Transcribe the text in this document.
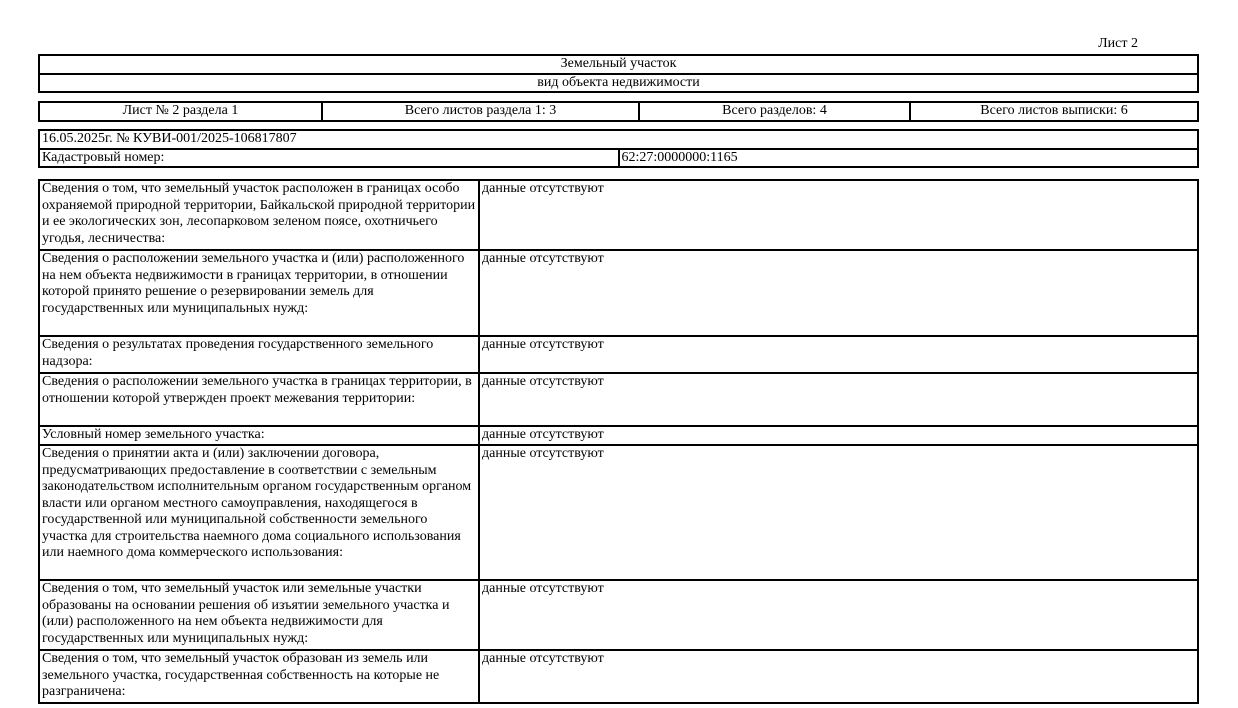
Лист 2
Земельный участок
вид объекта недвижимости
Лист № 2 раздела 1	Всего листов раздела 1: 3	Всего разделов: 4	Всего листов выписки: 6
16.05.2025г. № КУВИ-001/2025-106817807
Кадастровый номер:	62:27:0000000:1165
Сведения о том, что земельный участок расположен в границах особо охраняемой природной территории, Байкальской природной территории и ее экологических зон, лесопарковом зеленом поясе, охотничьего угодья, лесничества:	данные отсутствуют
Сведения о расположении земельного участка и (или) расположенного на нем объекта недвижимости в границах территории, в отношении которой принято решение о резервировании земель для государственных или муниципальных нужд:	данные отсутствуют
Сведения о результатах проведения государственного земельного надзора:	данные отсутствуют
Сведения о расположении земельного участка в границах территории, в отношении которой утвержден проект межевания территории:	данные отсутствуют
Условный номер земельного участка:	данные отсутствуют
Сведения о принятии акта и (или) заключении договора, предусматривающих предоставление в соответствии с земельным законодательством исполнительным органом государственным органом власти или органом местного самоуправления, находящегося в государственной или муниципальной собственности земельного участка для строительства наемного дома социального использования или наемного дома коммерческого использования:	данные отсутствуют
Сведения о том, что земельный участок или земельные участки образованы на основании решения об изъятии земельного участка и (или) расположенного на нем объекта недвижимости для государственных или муниципальных нужд:	данные отсутствуют
Сведения о том, что земельный участок образован из земель или земельного участка, государственная собственность на которые не разграничена:	данные отсутствуют
